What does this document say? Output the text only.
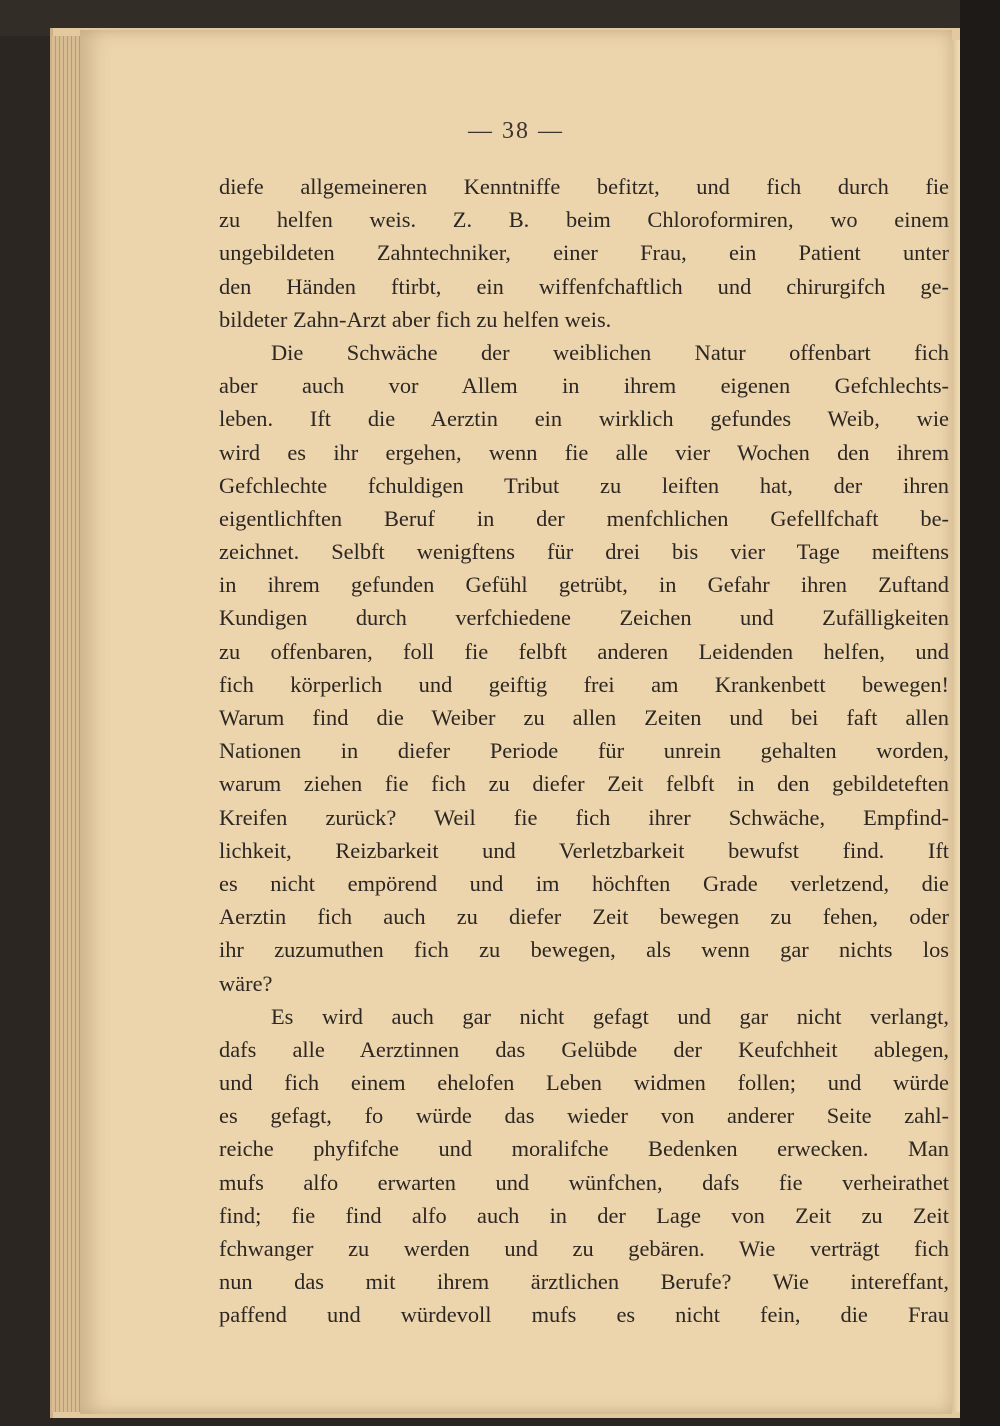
— 38 —
diefe allgemeineren Kenntniffe befitzt, und fich durch fie
zu helfen weis. Z. B. beim Chloroformiren, wo einem
ungebildeten Zahntechniker, einer Frau, ein Patient unter
den Händen ftirbt, ein wiffenfchaftlich und chirurgifch ge-
bildeter Zahn-Arzt aber fich zu helfen weis.
Die Schwäche der weiblichen Natur offenbart fich
aber auch vor Allem in ihrem eigenen Gefchlechts-
leben. Ift die Aerztin ein wirklich gefundes Weib, wie
wird es ihr ergehen, wenn fie alle vier Wochen den ihrem
Gefchlechte fchuldigen Tribut zu leiften hat, der ihren
eigentlichften Beruf in der menfchlichen Gefellfchaft be-
zeichnet. Selbft wenigftens für drei bis vier Tage meiftens
in ihrem gefunden Gefühl getrübt, in Gefahr ihren Zuftand
Kundigen durch verfchiedene Zeichen und Zufälligkeiten
zu offenbaren, foll fie felbft anderen Leidenden helfen, und
fich körperlich und geiftig frei am Krankenbett bewegen!
Warum find die Weiber zu allen Zeiten und bei faft allen
Nationen in diefer Periode für unrein gehalten worden,
warum ziehen fie fich zu diefer Zeit felbft in den gebildeteften
Kreifen zurück? Weil fie fich ihrer Schwäche, Empfind-
lichkeit, Reizbarkeit und Verletzbarkeit bewufst find. Ift
es nicht empörend und im höchften Grade verletzend, die
Aerztin fich auch zu diefer Zeit bewegen zu fehen, oder
ihr zuzumuthen fich zu bewegen, als wenn gar nichts los
wäre?
Es wird auch gar nicht gefagt und gar nicht verlangt,
dafs alle Aerztinnen das Gelübde der Keufchheit ablegen,
und fich einem ehelofen Leben widmen follen; und würde
es gefagt, fo würde das wieder von anderer Seite zahl-
reiche phyfifche und moralifche Bedenken erwecken. Man
mufs alfo erwarten und wünfchen, dafs fie verheirathet
find; fie find alfo auch in der Lage von Zeit zu Zeit
fchwanger zu werden und zu gebären. Wie verträgt fich
nun das mit ihrem ärztlichen Berufe? Wie intereffant,
paffend und würdevoll mufs es nicht fein, die Frau
